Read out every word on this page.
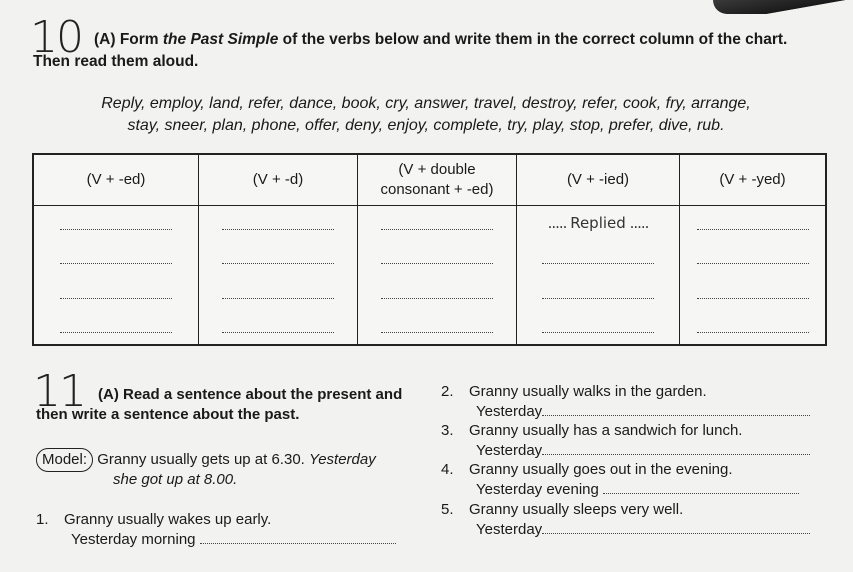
10 (A) Form the Past Simple of the verbs below and write them in the correct column of the chart.
Then read them aloud.
Reply, employ, land, refer, dance, book, cry, answer, travel, destroy, refer, cook, fry, arrange,
stay, sneer, plan, phone, offer, deny, enjoy, complete, try, play, stop, prefer, dive, rub.
(V + -ed)	(V + -d)	(V + double consonant + -ed)	(V + -ied)	(V + -yed)

			..... Replied .....	

11 (A) Read a sentence about the present and
then write a sentence about the past.
Model: Granny usually gets up at 6.30. Yesterday
she got up at 8.00.
1. Granny usually wakes up early.
Yesterday morning
2. Granny usually walks in the garden.
Yesterday
3. Granny usually has a sandwich for lunch.
Yesterday
4. Granny usually goes out in the evening.
Yesterday evening
5. Granny usually sleeps very well.
Yesterday
